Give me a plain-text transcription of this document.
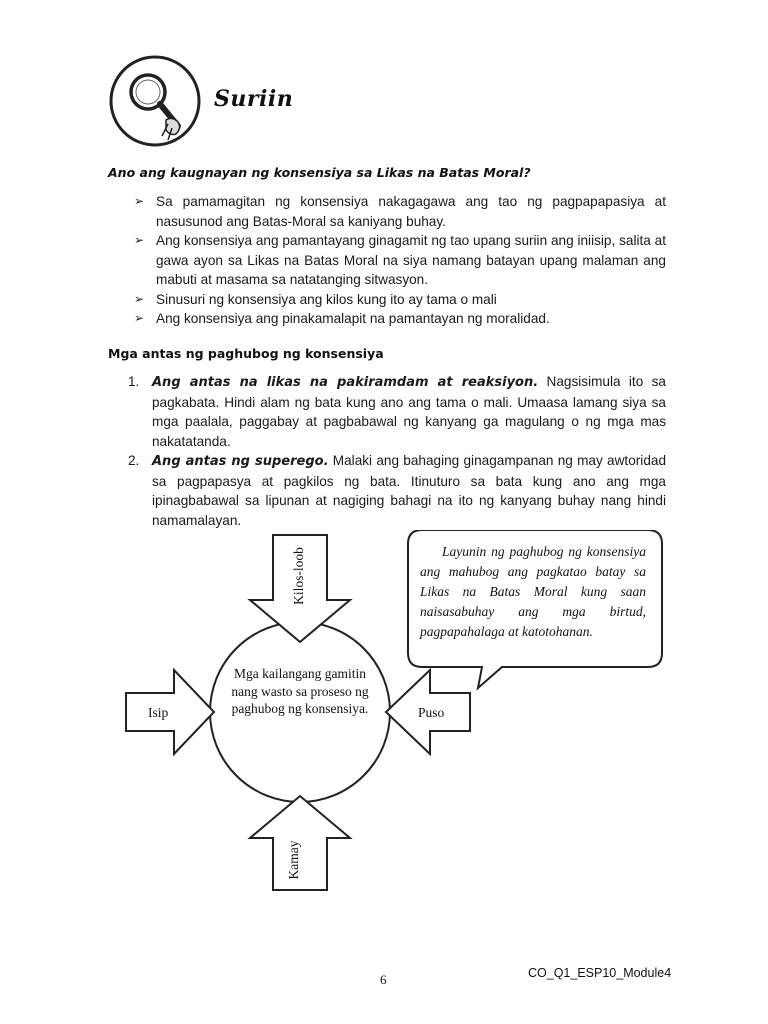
Suriin
Ano ang kaugnayan ng konsensiya sa Likas na Batas Moral?
➢ Sa pamamagitan ng konsensiya nakagagawa ang tao ng pagpapapasiya at nasusunod ang Batas-Moral sa kaniyang buhay.
➢ Ang konsensiya ang pamantayang ginagamit ng tao upang suriin ang iniisip, salita at gawa ayon sa Likas na Batas Moral na siya namang batayan upang malaman ang mabuti at masama sa natatanging sitwasyon.
➢ Sinusuri ng konsensiya ang kilos kung ito ay tama o mali
➢ Ang konsensiya ang pinakamalapit na pamantayan ng moralidad.
Mga antas ng paghubog ng konsensiya
1. Ang antas na likas na pakiramdam at reaksiyon. Nagsisimula ito sa pagkabata. Hindi alam ng bata kung ano ang tama o mali. Umaasa lamang siya sa mga paalala, paggabay at pagbabawal ng kanyang ga magulang o ng mga mas nakatatanda.
2. Ang antas ng superego. Malaki ang bahaging ginagampanan ng may awtoridad sa pagpapasya at pagkilos ng bata. Itinuturo sa bata kung ano ang mga ipinagbabawal sa lipunan at nagiging bahagi na ito ng kanyang buhay nang hindi namamalayan.
Mga kailangang gamitin nang wasto sa proseso ng paghubog ng konsensiya.
Kilos-loob
Kamay
Isip	Puso
Layunin ng paghubog ng konsensiya ang mahubog ang pagkatao batay sa Likas na Batas Moral kung saan naisasabuhay ang mga birtud, pagpapahalaga at katotohanan.
6	CO_Q1_ESP10_Module4
